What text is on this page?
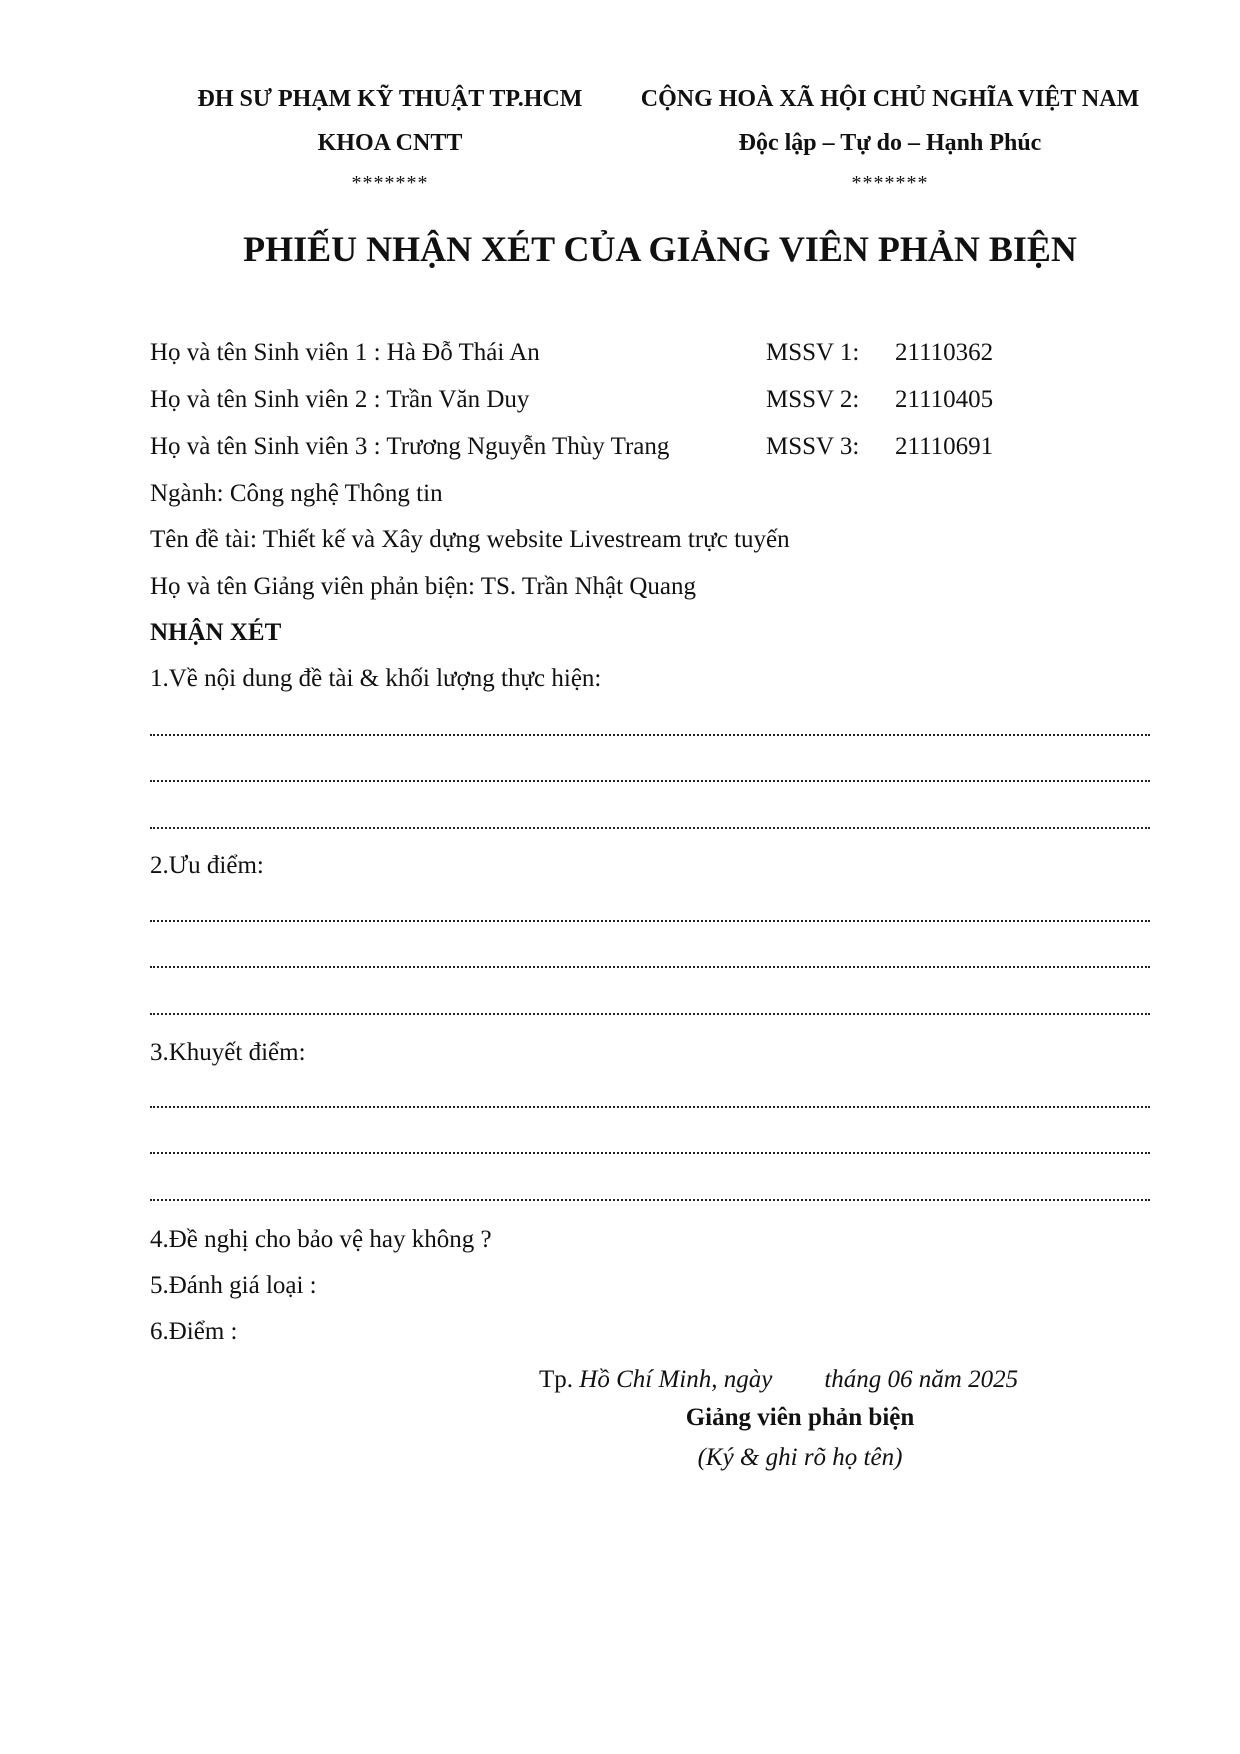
ĐH SƯ PHẠM KỸ THUẬT TP.HCM
KHOA CNTT
*******
CỘNG HOÀ XÃ HỘI CHỦ NGHĨA VIỆT NAM
Độc lập – Tự do – Hạnh Phúc
*******
PHIẾU NHẬN XÉT CỦA GIẢNG VIÊN PHẢN BIỆN
Họ và tên Sinh viên 1 : Hà Đỗ Thái An	MSSV 1: 21110362
Họ và tên Sinh viên 2 : Trần Văn Duy	MSSV 2: 21110405
Họ và tên Sinh viên 3 : Trương Nguyễn Thùy Trang	MSSV 3: 21110691
Ngành: Công nghệ Thông tin
Tên đề tài: Thiết kế và Xây dựng website Livestream trực tuyến
Họ và tên Giảng viên phản biện: TS. Trần Nhật Quang
NHẬN XÉT
1.Về nội dung đề tài & khối lượng thực hiện:
2.Ưu điểm:
3.Khuyết điểm:
4.Đề nghị cho bảo vệ hay không ?
5.Đánh giá loại :
6.Điểm :
Tp. Hồ Chí Minh, ngày tháng 06 năm 2025
Giảng viên phản biện
(Ký & ghi rõ họ tên)
